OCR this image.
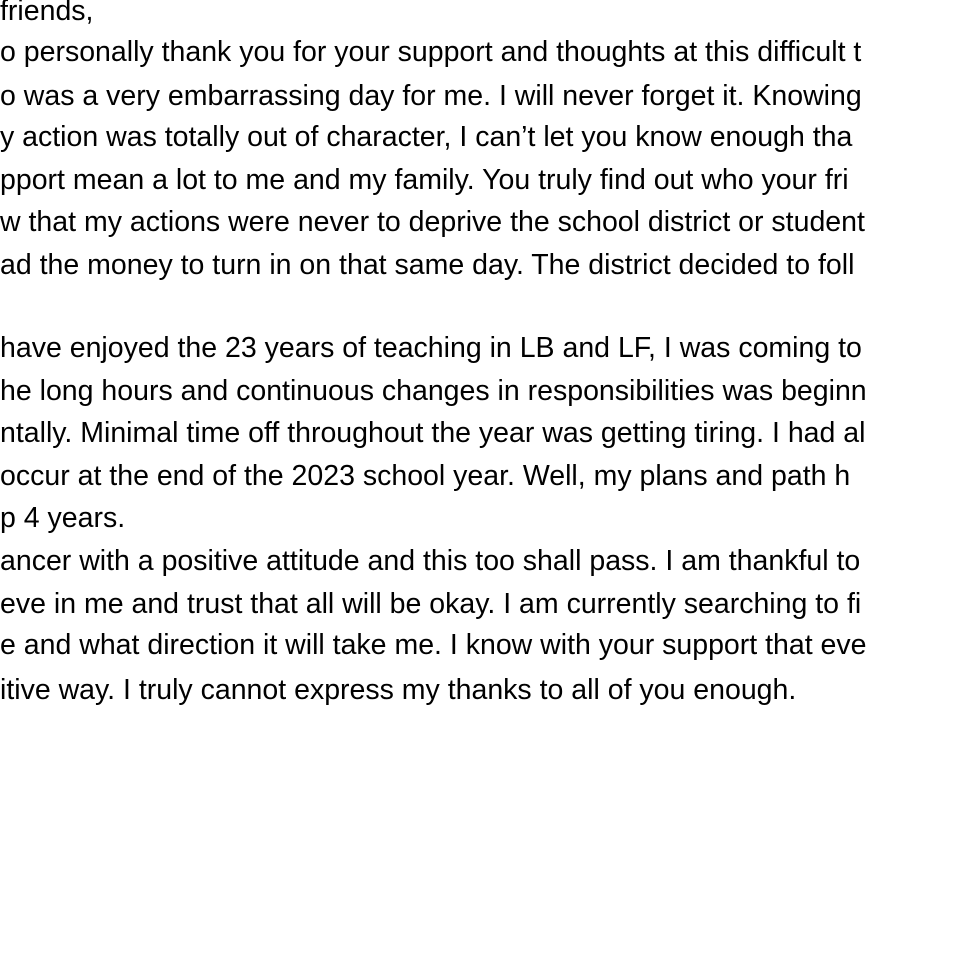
friends,

o personally thank you for your support and thoughts at this difficult t

o was a very embarrassing day for me. I will never forget it. Knowing

y action was totally out of character, I can’t let you know enough tha

pport mean a lot to me and my family. You truly find out who your fri

w that my actions were never to deprive the school district or student

ad the money to turn in on that same day. The district decided to foll

have enjoyed the 23 years of teaching in LB and LF, I was coming to

he long hours and continuous changes in responsibilities was beginn

ntally. Minimal time off throughout the year was getting tiring. I had al

occur at the end of the 2023 school year. Well, my plans and path h

p 4 years.

ancer with a positive attitude and this too shall pass. I am thankful to

eve in me and trust that all will be okay. I am currently searching to fi

e and what direction it will take me. I know with your support that eve

itive way. I truly cannot express my thanks to all of you enough.
